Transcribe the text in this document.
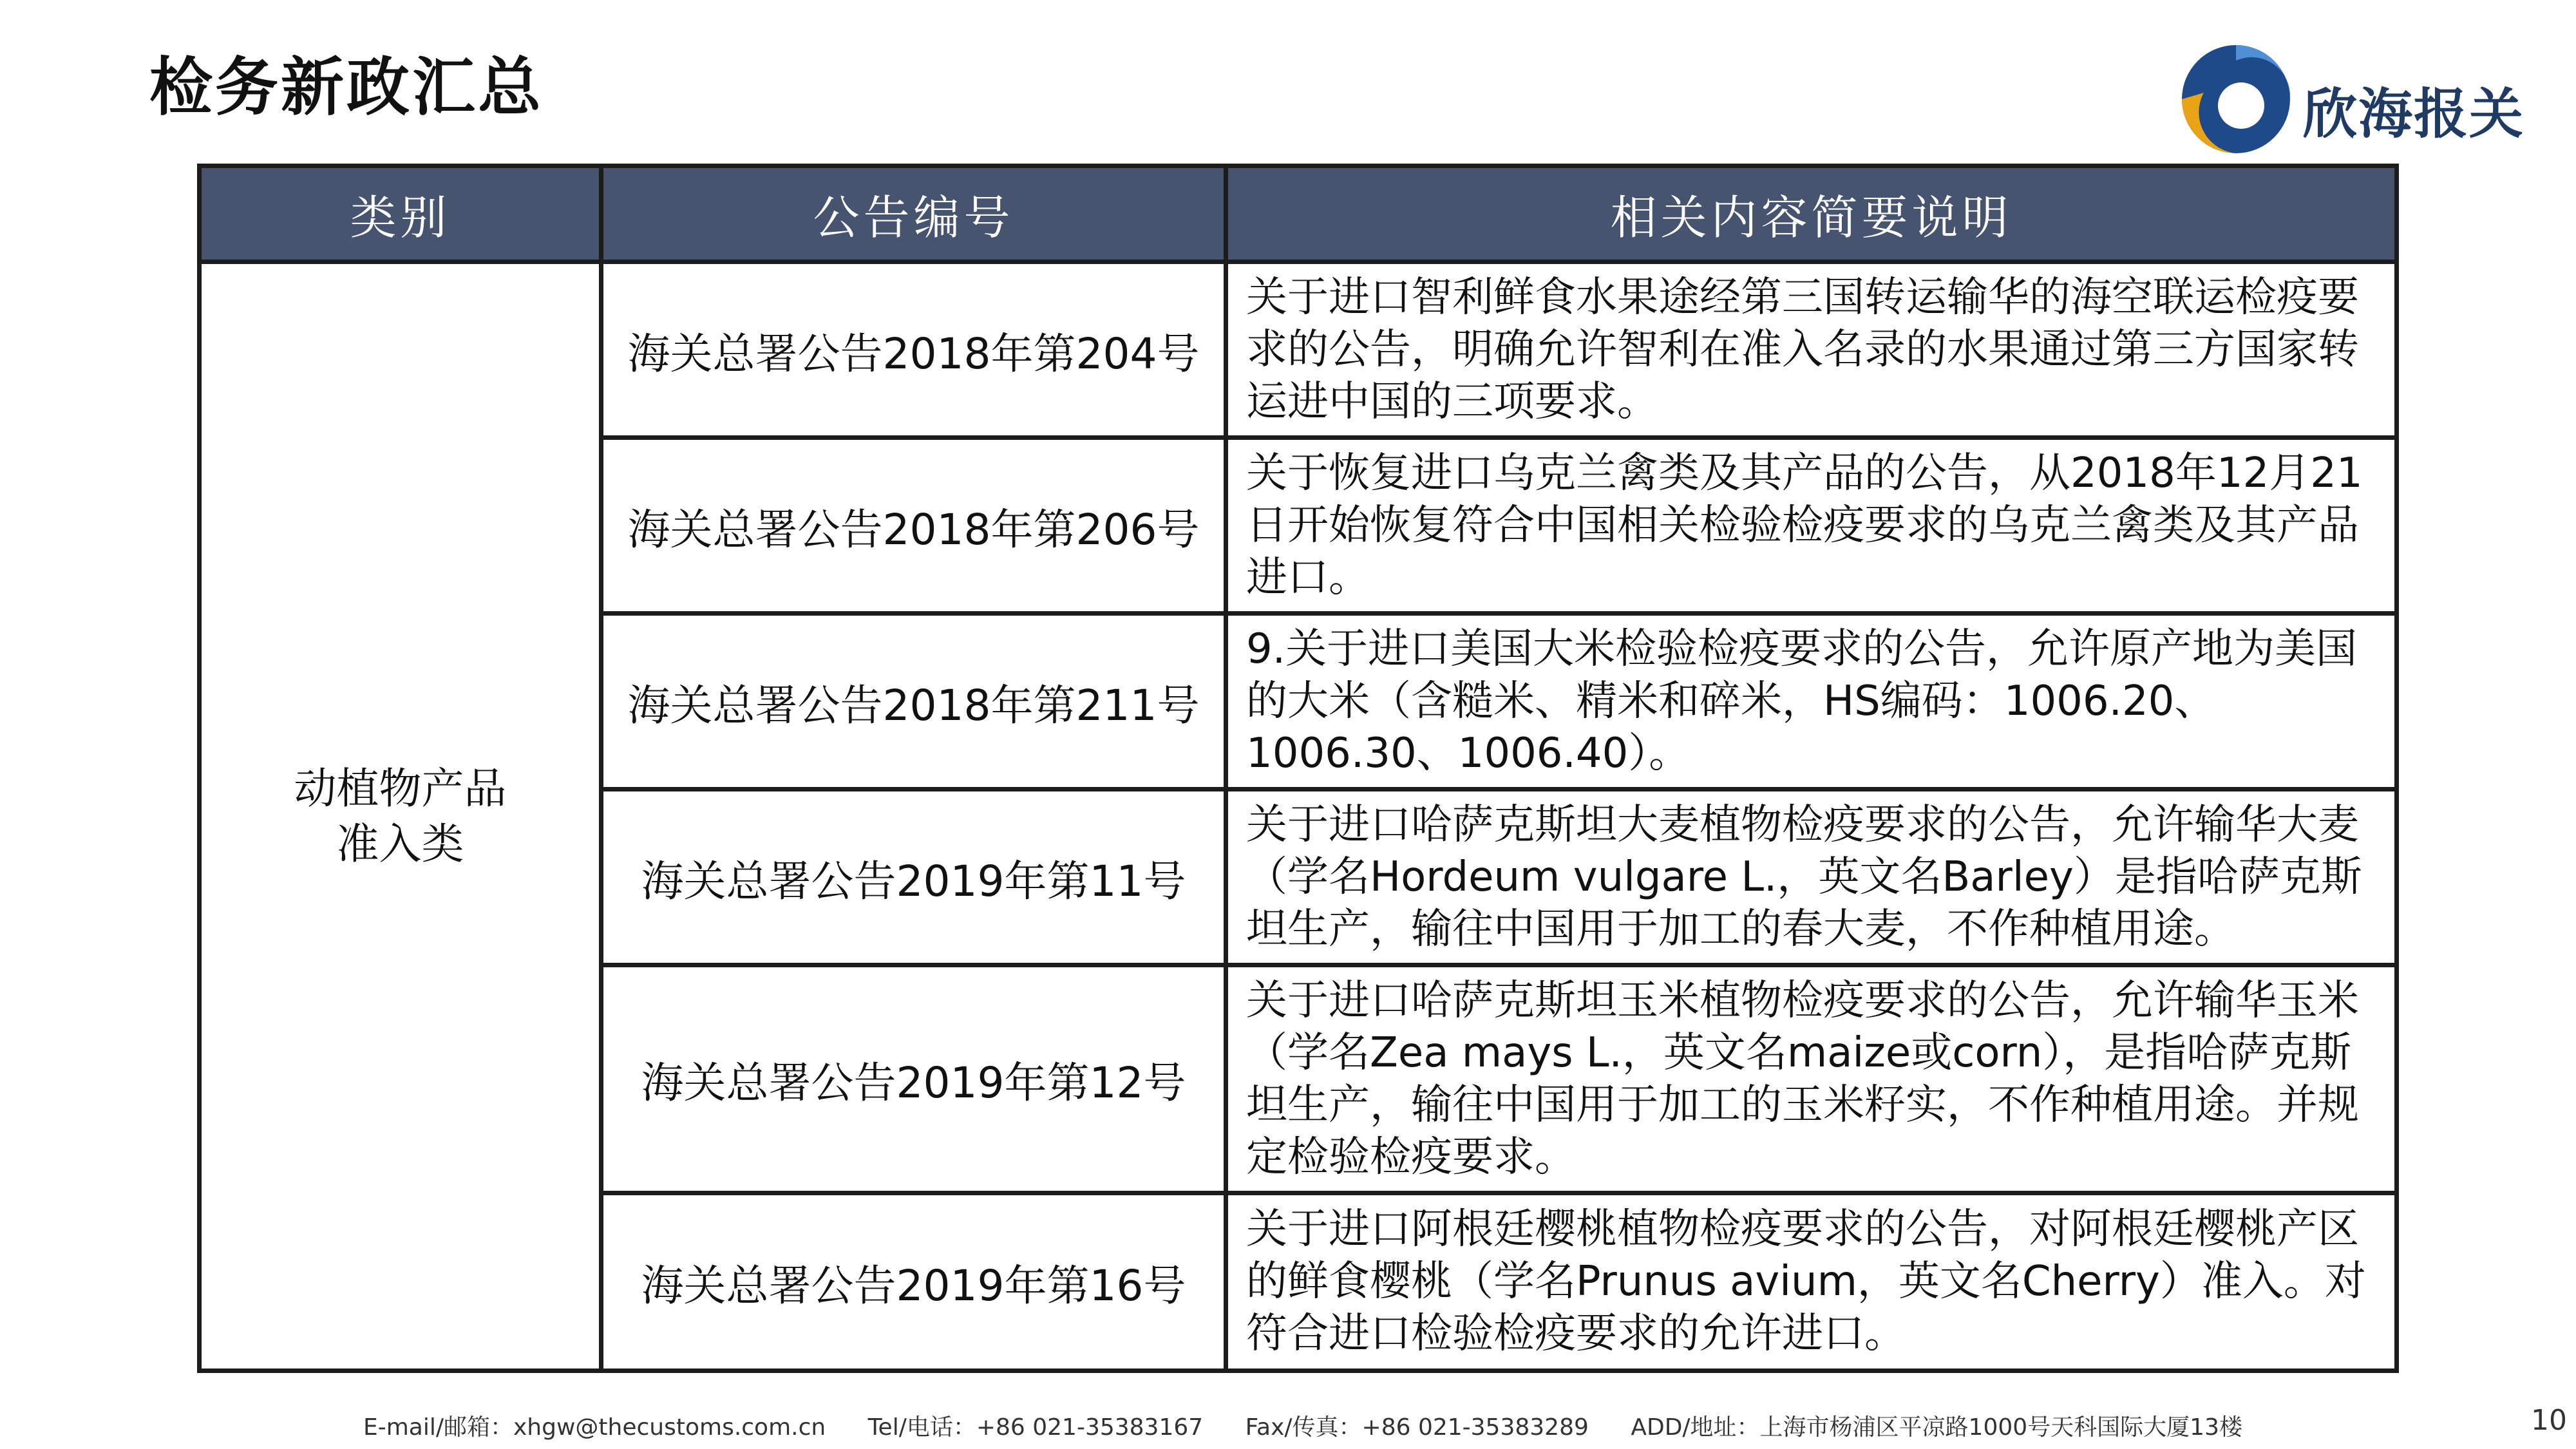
检务新政汇总	欣海报关
类别	公告编号	相关内容简要说明
动植物产品
准入类	海关总署公告2018年第204号	关于进口智利鲜食水果途经第三国转运输华的海空联运检疫要求的公告，明确允许智利在准入名录的水果通过第三方国家转运进中国的三项要求。
	海关总署公告2018年第206号	关于恢复进口乌克兰禽类及其产品的公告，从2018年12月21日开始恢复符合中国相关检验检疫要求的乌克兰禽类及其产品进口。
	海关总署公告2018年第211号	9.关于进口美国大米检验检疫要求的公告，允许原产地为美国的大米（含糙米、精米和碎米，HS编码：1006.20、1006.30、1006.40）。
	海关总署公告2019年第11号	关于进口哈萨克斯坦大麦植物检疫要求的公告，允许输华大麦（学名Hordeum vulgare L.，英文名Barley）是指哈萨克斯坦生产，输往中国用于加工的春大麦，不作种植用途。
	海关总署公告2019年第12号	关于进口哈萨克斯坦玉米植物检疫要求的公告，允许输华玉米（学名Zea mays L.，英文名maize或corn），是指哈萨克斯坦生产，输往中国用于加工的玉米籽实，不作种植用途。并规定检验检疫要求。
	海关总署公告2019年第16号	关于进口阿根廷樱桃植物检疫要求的公告，对阿根廷樱桃产区的鲜食樱桃（学名Prunus avium，英文名Cherry）准入。对符合进口检验检疫要求的允许进口。
E-mail/邮箱：xhgw@thecustoms.com.cn Tel/电话：+86 021-35383167 Fax/传真：+86 021-35383289 ADD/地址：上海市杨浦区平凉路1000号天科国际大厦13楼	10
